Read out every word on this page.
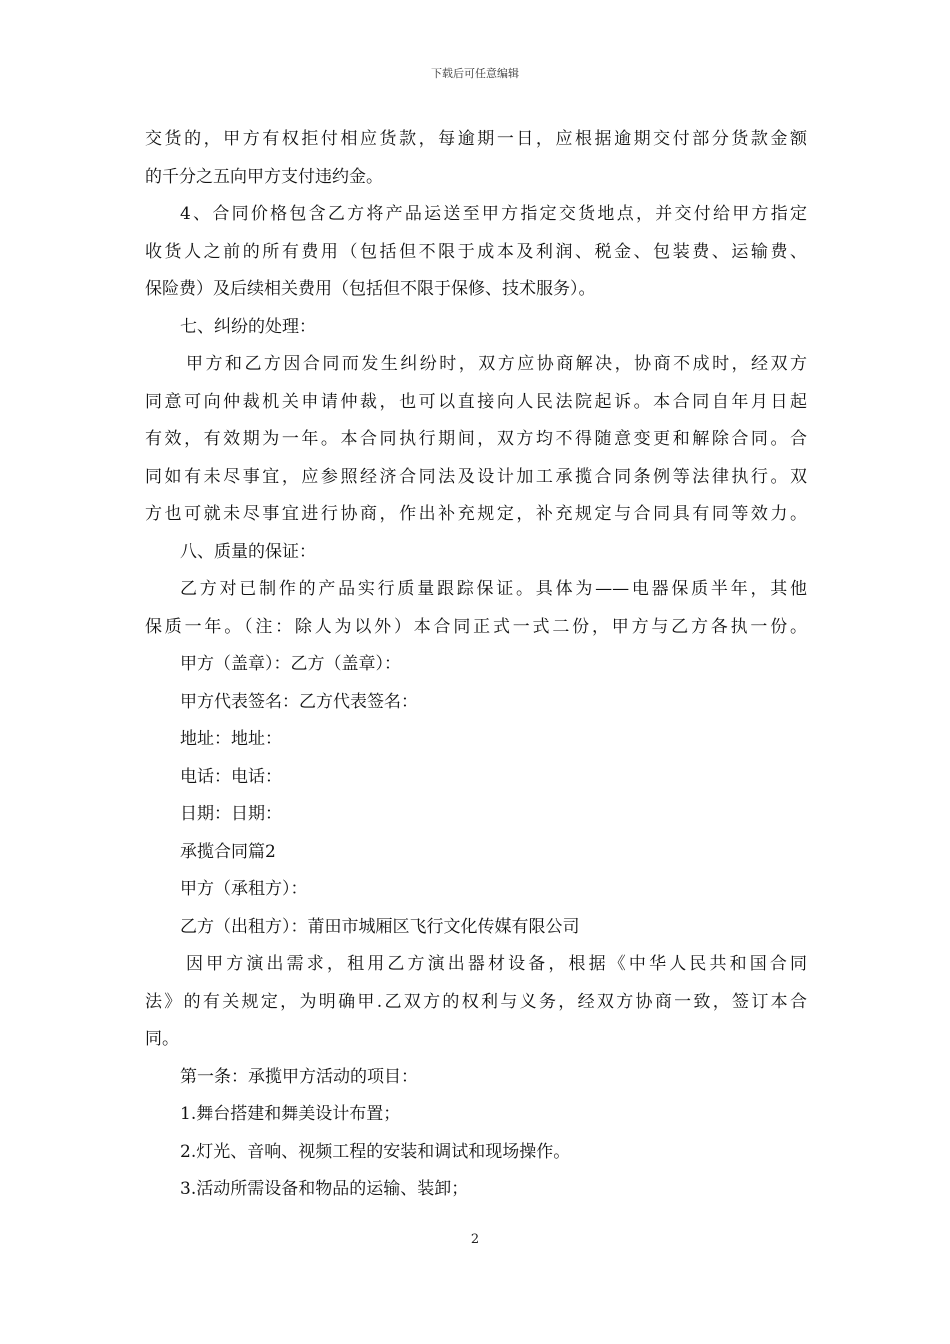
下载后可任意编辑
交货的，甲方有权拒付相应货款，每逾期一日，应根据逾期交付部分货款金额
的千分之五向甲方支付违约金。
4、合同价格包含乙方将产品运送至甲方指定交货地点，并交付给甲方指定
收货人之前的所有费用（包括但不限于成本及利润、税金、包装费、运输费、
保险费）及后续相关费用（包括但不限于保修、技术服务）。
七、纠纷的处理：
甲方和乙方因合同而发生纠纷时，双方应协商解决，协商不成时，经双方
同意可向仲裁机关申请仲裁，也可以直接向人民法院起诉。本合同自年月日起
有效，有效期为一年。本合同执行期间，双方均不得随意变更和解除合同。合
同如有未尽事宜，应参照经济合同法及设计加工承揽合同条例等法律执行。双
方也可就未尽事宜进行协商，作出补充规定，补充规定与合同具有同等效力。
八、质量的保证：
乙方对已制作的产品实行质量跟踪保证。具体为——电器保质半年，其他
保质一年。（注：除人为以外）本合同正式一式二份，甲方与乙方各执一份。
甲方（盖章）：乙方（盖章）：
甲方代表签名：乙方代表签名：
地址：地址：
电话：电话：
日期：日期：
承揽合同篇2
甲方（承租方）：
乙方（出租方）：莆田市城厢区飞行文化传媒有限公司
因甲方演出需求，租用乙方演出器材设备，根据《中华人民共和国合同
法》的有关规定，为明确甲.乙双方的权利与义务，经双方协商一致，签订本合
同。
第一条：承揽甲方活动的项目：
1.舞台搭建和舞美设计布置；
2.灯光、音响、视频工程的安装和调试和现场操作。
3.活动所需设备和物品的运输、装卸；
2
